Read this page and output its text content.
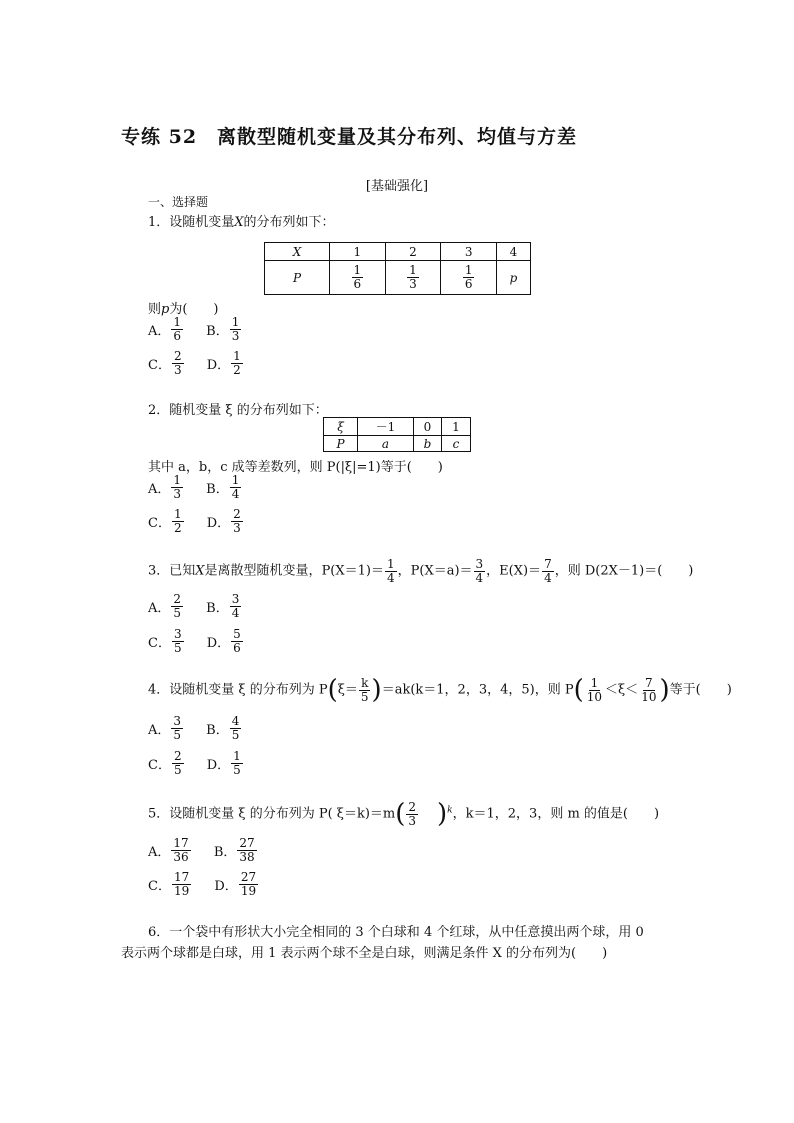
专练 52　离散型随机变量及其分布列、均值与方差
[基础强化]
一、选择题
1．设随机变量X的分布列如下：
X	1	2	3	4
P	$\frac{1}{6}$	$\frac{1}{3}$	$\frac{1}{6}$	p
则p为(　　)
A． $\frac{1}{6}$
B． $\frac{1}{3}$
C． $\frac{2}{3}$
D． $\frac{1}{2}$
2．随机变量 ξ 的分布列如下：
ξ	－1	0	1
P	a	b	c
其中 a，b，c 成等差数列，则 P(|ξ|=1)等于(　　)
A． $\frac{1}{3}$
B． $\frac{1}{4}$
C． $\frac{1}{2}$
D． $\frac{2}{3}$
3．已知X是离散型随机变量，$P(X=1)= \frac{1}{4}$ ，$P(X=a)= \frac{3}{4}$ ，$E(X)= \frac{7}{4}$ ，则 D(2X－1)＝(　　)
A． $\frac{2}{5}$
B． $\frac{3}{4}$
C． $\frac{3}{5}$
D． $\frac{5}{6}$
4．设随机变量 ξ 的分布列为 $P(\xi= \frac{k}{5} )=ak(k=1$，2，3，4，5)，则 $P( \frac{1}{10} <\xi< \frac{7}{10}$ )等于(　　)
A． $\frac{3}{5}$
B． $\frac{4}{5}$
C． $\frac{2}{5}$
D． $\frac{1}{5}$
5．设随机变量 ξ 的分布列为 P( $\xi=k)=m( \frac{2}{3} )^k$，k＝1，2，3，则 m 的值是(　　)
A． $\frac{17}{36}$
B． $\frac{27}{38}$
C． $\frac{17}{19}$
D． $\frac{27}{19}$
6．一个袋中有形状大小完全相同的 3 个白球和 4 个红球，从中任意摸出两个球，用 0
表示两个球都是白球，用 1 表示两个球不全是白球，则满足条件 X 的分布列为(　　)
